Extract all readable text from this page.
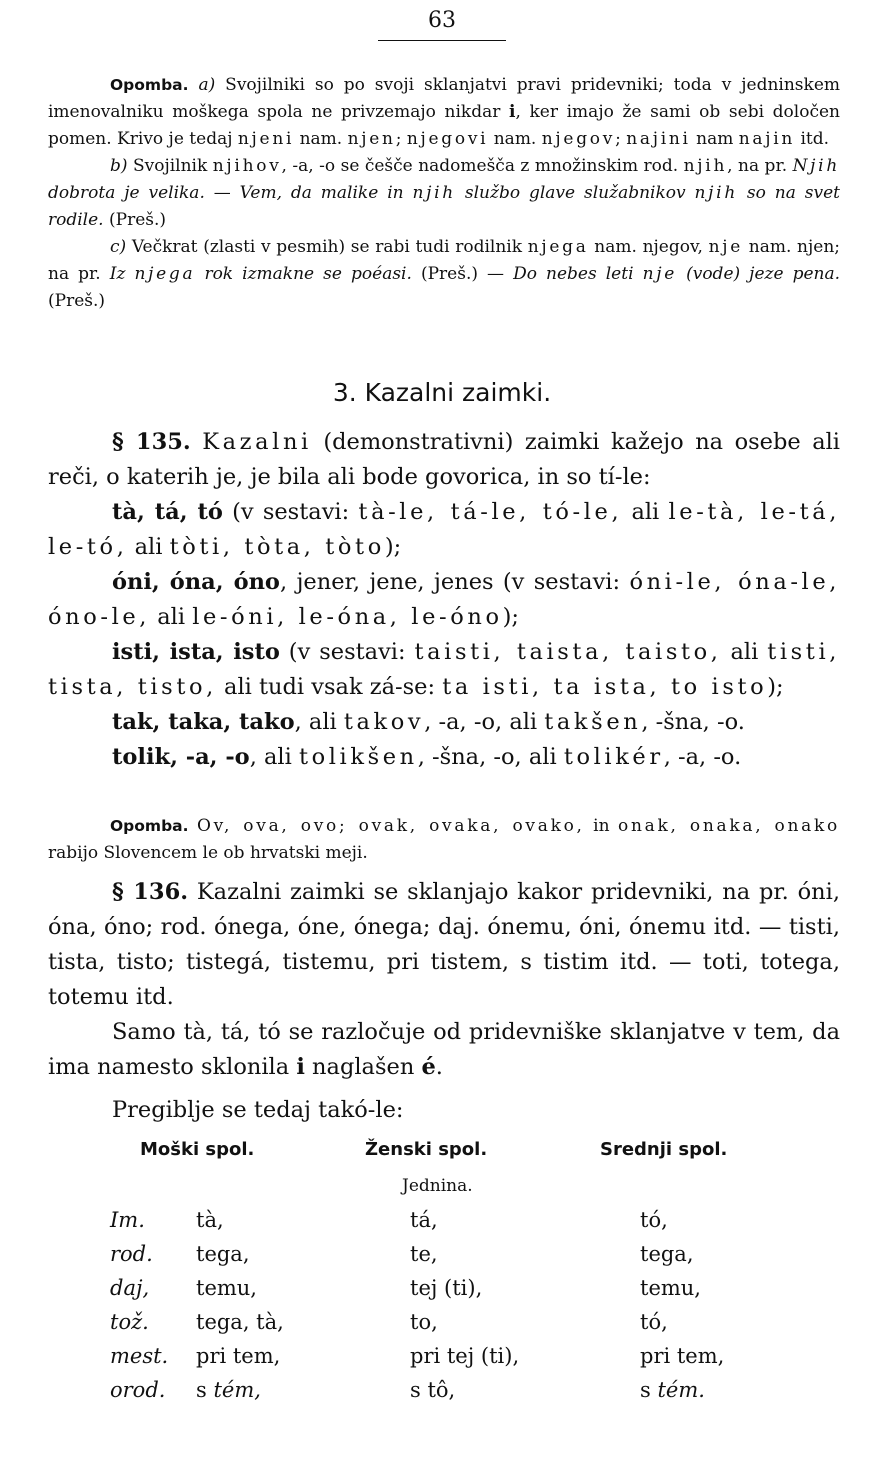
63

Opomba. a) Svojilniki so po svoji sklanjatvi pravi pridevniki; toda v jedninskem imenovalniku moškega spola ne privzemajo nikdar i, ker imajo že sami ob sebi določen pomen. Krivo je tedaj njeni nam. njen; njegovi nam. njegov; najini nam najin itd.

b) Svojilnik njihov, -a, -o se češče nadomešča z množinskim rod. njih, na pr. Njih dobrota je velika. — Vem, da malike in njih službo glave služabnikov njih so na svet rodile. (Preš.)

c) Večkrat (zlasti v pesmih) se rabi tudi rodilnik njega nam. njegov, nje nam. njen; na pr. Iz njega rok izmakne se poéasi. (Preš.) — Do nebes leti nje (vode) jeze pena. (Preš.)

3. Kazalni zaimki.

§ 135. Kazalni (demonstrativni) zaimki kažejo na osebe ali reči, o katerih je, je bila ali bode govorica, in so tí-le:

tà, tá, tó (v sestavi: tà-le, tá-le, tó-le, ali le-tà, le-tá, le-tó, ali tòti, tòta, tòto);

óni, óna, óno, jener, jene, jenes (v sestavi: óni-le, óna-le, óno-le, ali le-óni, le-óna, le-óno);

isti, ista, isto (v sestavi: taisti, taista, taisto, ali tisti, tista, tisto, ali tudi vsak zá-se: ta isti, ta ista, to isto);

tak, taka, tako, ali takov, -a, -o, ali takšen, -šna, -o.

tolik, -a, -o, ali tolikšen, -šna, -o, ali tolikér, -a, -o.

Opomba. Ov, ova, ovo; ovak, ovaka, ovako, in onak, onaka, onako rabijo Slovencem le ob hrvatski meji.

§ 136. Kazalni zaimki se sklanjajo kakor pridevniki, na pr. óni, óna, óno; rod. ónega, óne, ónega; daj. ónemu, óni, ónemu itd. — tisti, tista, tisto; tistegá, tistemu, pri tistem, s tistim itd. — toti, totega, totemu itd.

Samo tà, tá, tó se razločuje od pridevniške sklanjatve v tem, da ima namesto sklonila i naglašen é.

Pregiblje se tedaj takó-le:

Moški spol.	Ženski spol.	Srednji spol.
Jednina.
Im. tà,	tá,	tó,
rod. tega,	te,	tega,
daj, temu,	tej (ti),	temu,
tož. tega, tà,	to,	tó,
mest. pri tem,	pri tej (ti),	pri tem,
orod. s tém,	s tô,	s tém.
